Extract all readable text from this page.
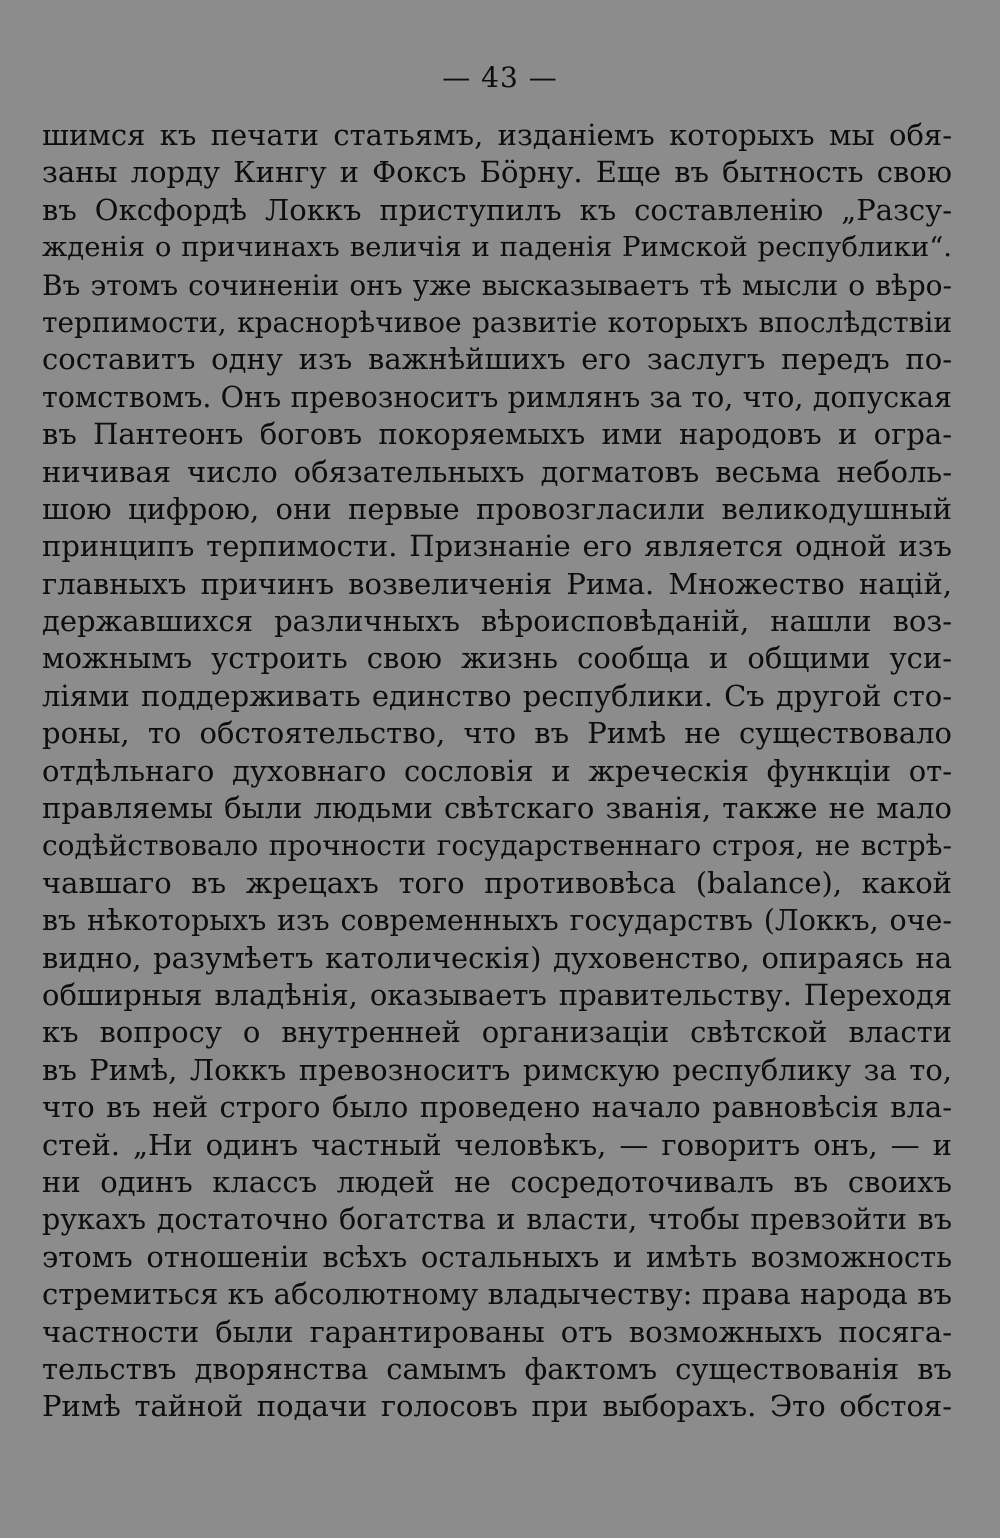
— 43 —
шимся къ печати статьямъ, изданіемъ которыхъ мы обя-
заны лорду Кингу и Фоксъ Бӧрну. Еще въ бытность свою
въ Оксфордѣ Локкъ приступилъ къ составленію „Разсу-
жденія о причинахъ величія и паденія Римской республики“.
Въ этомъ сочиненіи онъ уже высказываетъ тѣ мысли о вѣро-
терпимости, краснорѣчивое развитіе которыхъ впослѣдствіи
составитъ одну изъ важнѣйшихъ его заслугъ передъ по-
томствомъ. Онъ превозноситъ римлянъ за то, что, допуская
въ Пантеонъ боговъ покоряемыхъ ими народовъ и огра-
ничивая число обязательныхъ догматовъ весьма неболь-
шою цифрою, они первые провозгласили великодушный
принципъ терпимости. Признаніе его является одной изъ
главныхъ причинъ возвеличенія Рима. Множество націй,
державшихся различныхъ вѣроисповѣданій, нашли воз-
можнымъ устроить свою жизнь сообща и общими уси-
ліями поддерживать единство республики. Съ другой сто-
роны, то обстоятельство, что въ Римѣ не существовало
отдѣльнаго духовнаго сословія и жреческія функціи от-
правляемы были людьми свѣтскаго званія, также не мало
содѣйствовало прочности государственнаго строя, не встрѣ-
чавшаго въ жрецахъ того противовѣса (balance), какой
въ нѣкоторыхъ изъ современныхъ государствъ (Локкъ, оче-
видно, разумѣетъ католическія) духовенство, опираясь на
обширныя владѣнія, оказываетъ правительству. Переходя
къ вопросу о внутренней организаціи свѣтской власти
въ Римѣ, Локкъ превозноситъ римскую республику за то,
что въ ней строго было проведено начало равновѣсія вла-
стей. „Ни одинъ частный человѣкъ, — говоритъ онъ, — и
ни одинъ классъ людей не сосредоточивалъ въ своихъ
рукахъ достаточно богатства и власти, чтобы превзойти въ
этомъ отношеніи всѣхъ остальныхъ и имѣть возможность
стремиться къ абсолютному владычеству: права народа въ
частности были гарантированы отъ возможныхъ посяга-
тельствъ дворянства самымъ фактомъ существованія въ
Римѣ тайной подачи голосовъ при выборахъ. Это обстоя-
